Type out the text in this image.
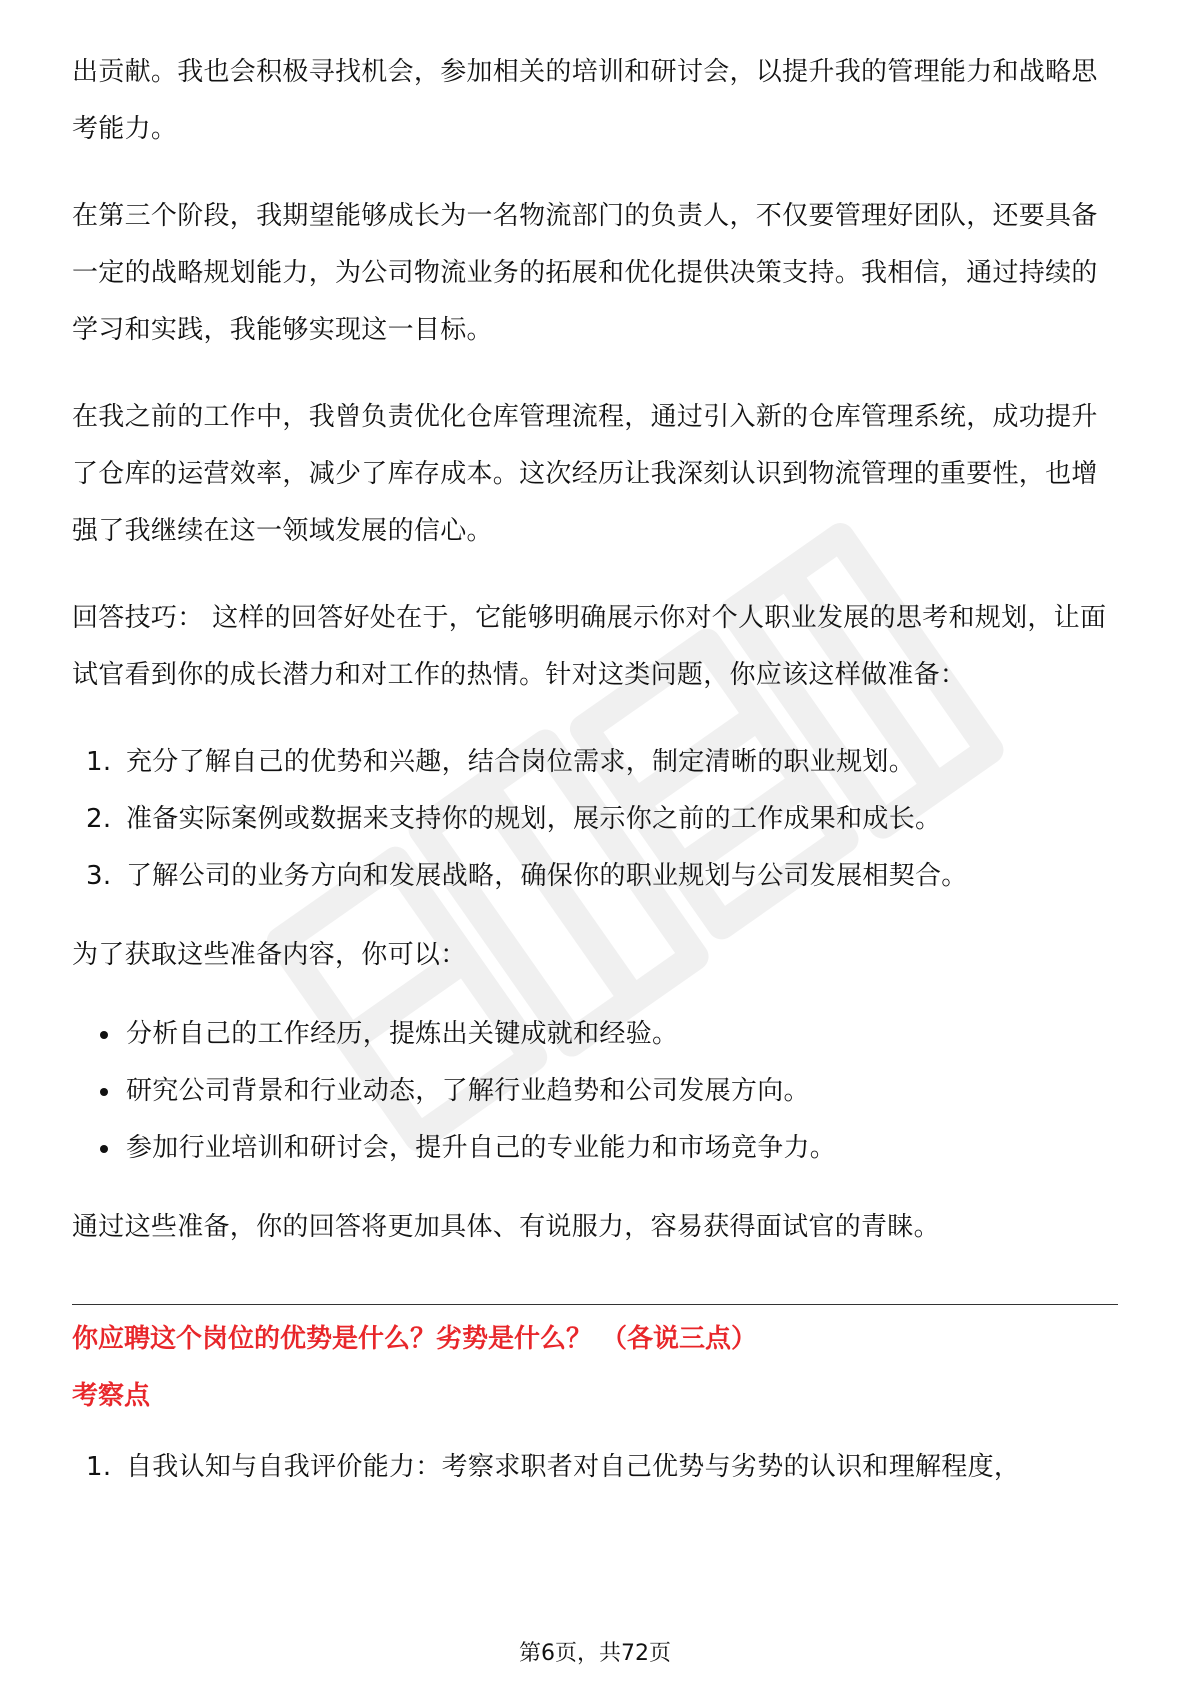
出贡献。我也会积极寻找机会，参加相关的培训和研讨会，以提升我的管理能力和战略思考能力。

在第三个阶段，我期望能够成长为一名物流部门的负责人，不仅要管理好团队，还要具备一定的战略规划能力，为公司物流业务的拓展和优化提供决策支持。我相信，通过持续的学习和实践，我能够实现这一目标。

在我之前的工作中，我曾负责优化仓库管理流程，通过引入新的仓库管理系统，成功提升了仓库的运营效率，减少了库存成本。这次经历让我深刻认识到物流管理的重要性，也增强了我继续在这一领域发展的信心。

回答技巧： 这样的回答好处在于，它能够明确展示你对个人职业发展的思考和规划，让面试官看到你的成长潜力和对工作的热情。针对这类问题，你应该这样做准备：

1. 充分了解自己的优势和兴趣，结合岗位需求，制定清晰的职业规划。
2. 准备实际案例或数据来支持你的规划，展示你之前的工作成果和成长。
3. 了解公司的业务方向和发展战略，确保你的职业规划与公司发展相契合。

为了获取这些准备内容，你可以：

分析自己的工作经历，提炼出关键成就和经验。
研究公司背景和行业动态，了解行业趋势和公司发展方向。
参加行业培训和研讨会，提升自己的专业能力和市场竞争力。

通过这些准备，你的回答将更加具体、有说服力，容易获得面试官的青睐。

你应聘这个岗位的优势是什么？劣势是什么？ （各说三点）

考察点

1. 自我认知与自我评价能力：考察求职者对自己优势与劣势的认识和理解程度，
第6页，共72页
